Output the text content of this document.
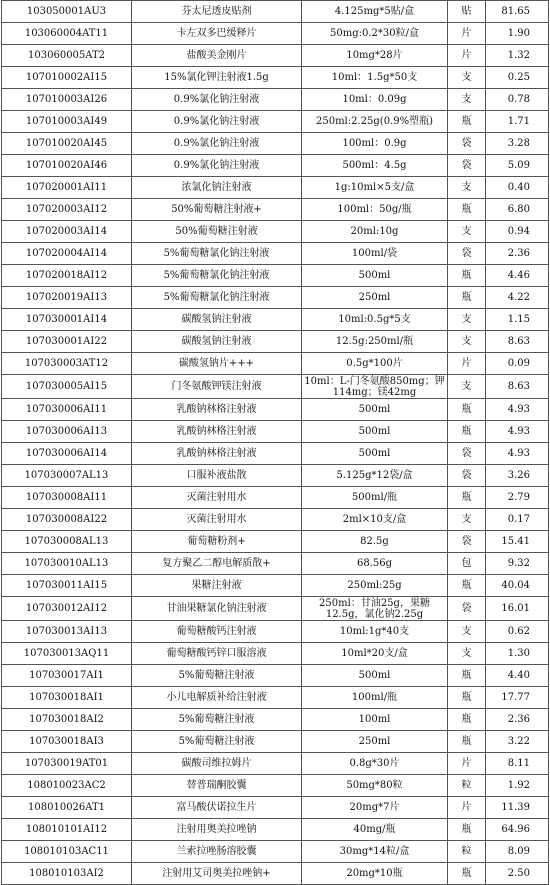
103050001AU3	芬太尼透皮贴剂	4.125mg*5贴/盒	贴	81.65
103060004AT11	卡左双多巴缓释片	50mg:0.2*30粒/盒	片	1.90
103060005AT2	盐酸美金刚片	10mg*28片	片	1.32
107010002AI15	15%氯化钾注射液1.5g	10ml：1.5g*50支	支	0.25
107010003AI26	0.9%氯化钠注射液	10ml：0.09g	支	0.78
107010003AI49	0.9%氯化钠注射液	250ml:2.25g(0.9%塑瓶)	瓶	1.71
107010020AI45	0.9%氯化钠注射液	100ml：0.9g	袋	3.28
107010020AI46	0.9%氯化钠注射液	500ml：4.5g	袋	5.09
107020001AI11	浓氯化钠注射液	1g:10ml×5支/盒	支	0.40
107020003AI12	50%葡萄糖注射液+	100ml：50g/瓶	瓶	6.80
107020003AI14	50%葡萄糖注射液	20ml:10g	支	0.94
107020004AI14	5%葡萄糖氯化钠注射液	100ml/袋	袋	2.36
107020018AI12	5%葡萄糖氯化钠注射液	500ml	瓶	4.46
107020019AI13	5%葡萄糖氯化钠注射液	250ml	瓶	4.22
107030001AI14	碳酸氢钠注射液	10ml:0.5g*5支	支	1.15
107030001AI22	碳酸氢钠注射液	12.5g:250ml/瓶	支	8.63
107030003AT12	碳酸氢钠片+++	0.5g*100片	片	0.09
107030005AI15	门冬氨酸钾镁注射液	10ml：L-门冬氨酸850mg；钾114mg；镁42mg	支	8.63
107030006AI11	乳酸钠林格注射液	500ml	瓶	4.93
107030006AI13	乳酸钠林格注射液	500ml	瓶	4.93
107030006AI14	乳酸钠林格注射液	500ml	袋	4.93
107030007AL13	口服补液盐散	5.125g*12袋/盒	袋	3.26
107030008AI11	灭菌注射用水	500ml/瓶	瓶	2.79
107030008AI22	灭菌注射用水	2ml×10支/盒	支	0.17
107030008AL13	葡萄糖粉剂+	82.5g	袋	15.41
107030010AL13	复方聚乙二醇电解质散+	68.56g	包	9.32
107030011AI15	果糖注射液	250ml:25g	瓶	40.04
107030012AI12	甘油果糖氯化钠注射液	250ml：甘油25g，果糖12.5g，氯化钠2.25g	袋	16.01
107030013AI13	葡萄糖酸钙注射液	10ml:1g*40支	支	0.62
107030013AQ11	葡萄糖酸钙锌口服溶液	10ml*20支/盒	支	1.30
107030017AI1	5%葡萄糖注射液	500ml	瓶	4.40
107030018AI1	小儿电解质补给注射液	100ml/瓶	瓶	17.77
107030018AI2	5%葡萄糖注射液	100ml	瓶	2.36
107030018AI3	5%葡萄糖注射液	250ml	瓶	3.22
107030019AT01	碳酸司维拉姆片	0.8g*30片	片	8.11
108010023AC2	替普瑞酮胶囊	50mg*80粒	粒	1.92
108010026AT1	富马酸伏诺拉生片	20mg*7片	片	11.39
108010101AI12	注射用奥美拉唑钠	40mg/瓶	瓶	64.96
108010103AC11	兰索拉唑肠溶胶囊	30mg*14粒/盒	粒	8.09
108010103AI2	注射用艾司奥美拉唑钠+	20mg*10瓶	瓶	2.50
